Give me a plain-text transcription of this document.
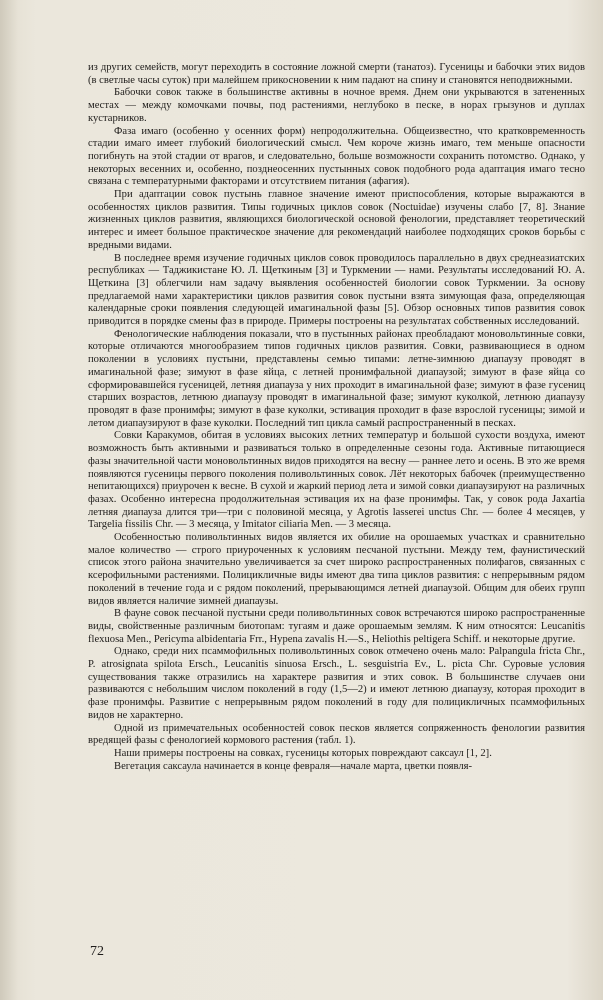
из других семейств, могут переходить в состояние ложной смерти (танатоз). Гусеницы и бабочки этих видов (в светлые часы суток) при малейшем прикосновении к ним падают на спину и становятся неподвижными.

Бабочки совок также в большинстве активны в ночное время. Днем они укрываются в затененных местах — между комочками почвы, под растениями, неглубоко в песке, в норах грызунов и дуплах кустарников.

Фаза имаго (особенно у осенних форм) непродолжительна. Общеизвестно, что кратковременность стадии имаго имеет глубокий биологический смысл. Чем короче жизнь имаго, тем меньше опасности погибнуть на этой стадии от врагов, и следовательно, больше возможности сохранить потомство. Однако, у некоторых весенних и, особенно, позднеосенних пустынных совок подобного рода адаптация имаго тесно связана с температурными факторами и отсутствием питания (афагия).

При адаптации совок пустынь главное значение имеют приспособления, которые выражаются в особенностях циклов развития. Типы годичных циклов совок (Noctuidae) изучены слабо [7, 8]. Знание жизненных циклов развития, являющихся биологической основой фенологии, представляет теоретический интерес и имеет большое практическое значение для рекомендаций наиболее подходящих сроков борьбы с вредными видами.

В последнее время изучение годичных циклов совок проводилось параллельно в двух среднеазиатских республиках — Таджикистане Ю. Л. Щеткиным [3] и Туркмении — нами. Результаты исследований Ю. А. Щеткина [3] облегчили нам задачу выявления особенностей биологии совок Туркмении. За основу предлагаемой нами характеристики циклов развития совок пустыни взята зимующая фаза, определяющая календарные сроки появления следующей имагинальной фазы [5]. Обзор основных типов развития совок приводится в порядке смены фаз в природе. Примеры построены на результатах собственных исследований.

Фенологические наблюдения показали, что в пустынных районах преобладают моновольтинные совки, которые отличаются многообразием типов годичных циклов развития. Совки, развивающиеся в одном поколении в условиях пустыни, представлены семью типами: летне-зимнюю диапаузу проводят в имагинальной фазе; зимуют в фазе яйца, с летней пронимфальной диапаузой; зимуют в фазе яйца со сформировавшейся гусеницей, летняя диапауза у них проходит в имагинальной фазе; зимуют в фазе гусениц старших возрастов, летнюю диапаузу проводят в имагинальной фазе; зимуют куколкой, летнюю диапаузу проводят в фазе пронимфы; зимуют в фазе куколки, эстивация проходит в фазе взрослой гусеницы; зимой и летом диапаузируют в фазе куколки. Последний тип цикла самый распространенный в песках.

Совки Каракумов, обитая в условиях высоких летних температур и большой сухости воздуха, имеют возможность быть активными и развиваться только в определенные сезоны года. Активные питающиеся фазы значительной части моновольтинных видов приходятся на весну — раннее лето и осень. В это же время появляются гусеницы первого поколения поливольтинных совок. Лёт некоторых бабочек (преимущественно непитающихся) приурочен к весне. В сухой и жаркий период лета и зимой совки диапаузируют на различных фазах. Особенно интересна продолжительная эстивация их на фазе пронимфы. Так, у совок рода Jaxartia летняя диапауза длится три—три с половиной месяца, у Agrotis lasserei unctus Chr. — более 4 месяцев, у Targelia fissilis Chr. — 3 месяца, у Imitator ciliaria Men. — 3 месяца.

Особенностью поливольтинных видов является их обилие на орошаемых участках и сравнительно малое количество — строго приуроченных к условиям песчаной пустыни. Между тем, фаунистический список этого района значительно увеличивается за счет широко распространенных полифагов, связанных с ксерофильными растениями. Полицикличные виды имеют два типа циклов развития: с непрерывным рядом поколений в течение года и с рядом поколений, прерывающимся летней диапаузой. Общим для обеих групп видов является наличие зимней диапаузы.

В фауне совок песчаной пустыни среди поливольтинных совок встречаются широко распространенные виды, свойственные различным биотопам: тугаям и даже орошаемым землям. К ним относятся: Leucanitis flexuosa Men., Pericyma albidentaria Frr., Hypena zavalis H.—S., Heliothis peltigera Schiff. и некоторые другие.

Однако, среди них псаммофильных поливольтинных совок отмечено очень мало: Palpangula fricta Chr., P. atrosignata spilota Ersch., Leucanitis sinuosa Ersch., L. sesguistria Ev., L. picta Chr. Суровые условия существования также отразились на характере развития и этих совок. В большинстве случаев они развиваются с небольшим числом поколений в году (1,5—2) и имеют летнюю диапаузу, которая проходит в фазе пронимфы. Развитие с непрерывным рядом поколений в году для полицикличных псаммофильных видов не характерно.

Одной из примечательных особенностей совок песков является сопряженность фенологии развития вредящей фазы с фенологией кормового растения (табл. 1).

Наши примеры построены на совках, гусеницы которых повреждают саксаул [1, 2].

Вегетация саксаула начинается в конце февраля—начале марта, цветки появля-

72
